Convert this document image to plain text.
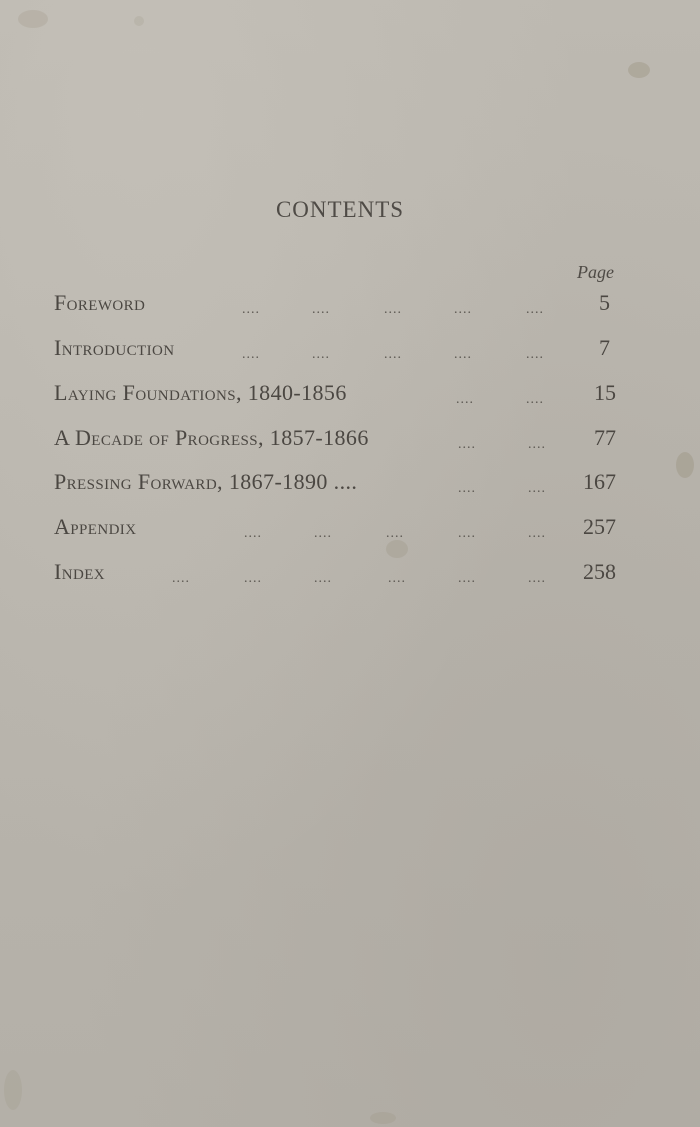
CONTENTS
Page
Foreword	....	....	....	....	....	5
Introduction	....	....	....	....	....	7
Laying Foundations, 1840-1856	....	.... 15
A Decade of Progress, 1857-1866	....	.... 77
Pressing Forward, 1867-1890 ....	....	.... 167
Appendix	....	....	....	....	.... 257
Index	....	....	....	....	....	.... 258
